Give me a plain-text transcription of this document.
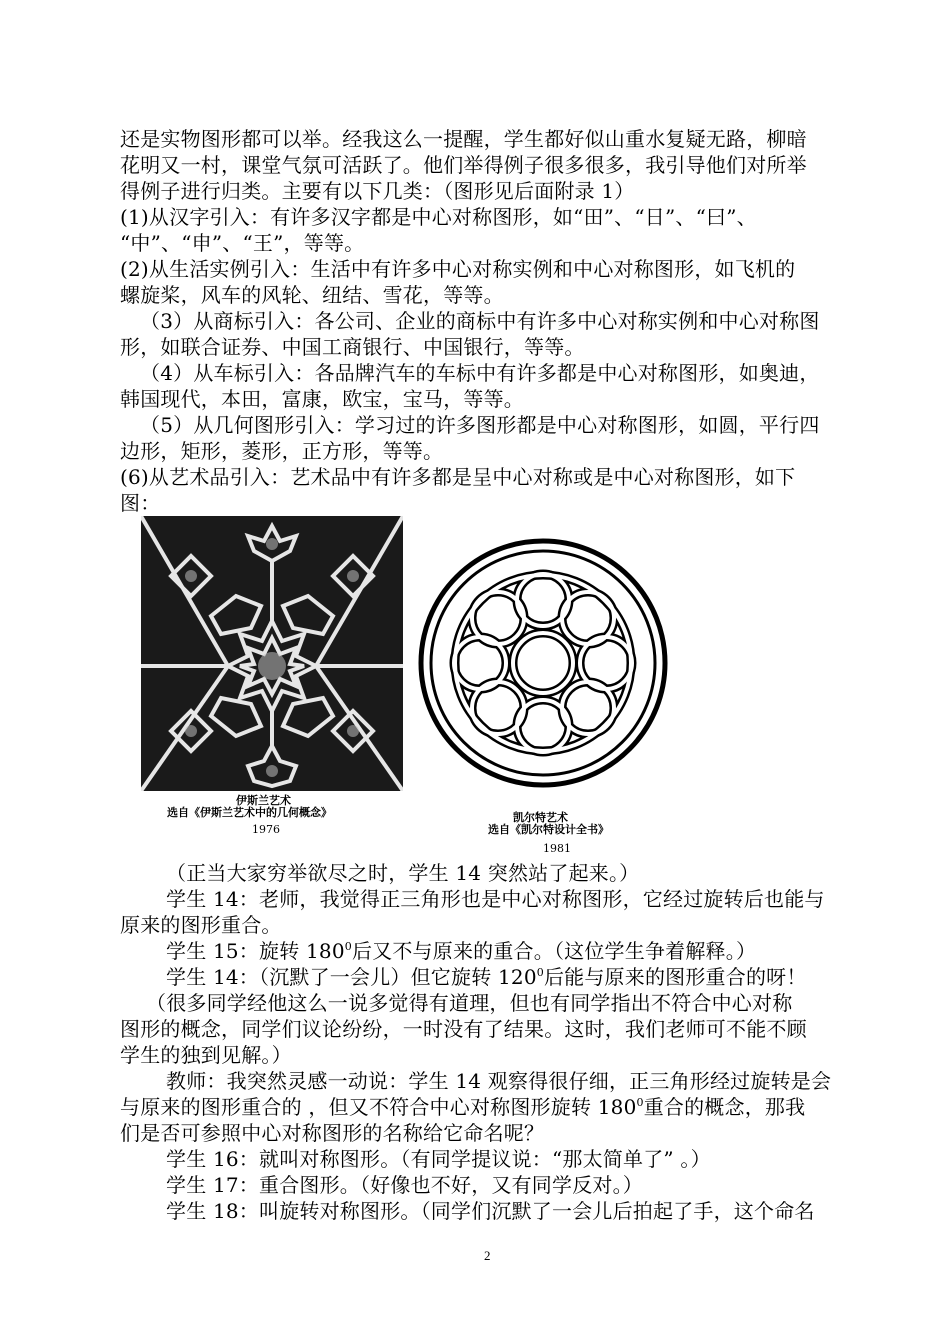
还是实物图形都可以举。经我这么一提醒，学生都好似山重水复疑无路，柳暗
花明又一村，课堂气氛可活跃了。他们举得例子很多很多，我引导他们对所举
得例子进行归类。主要有以下几类：（图形见后面附录 1）
(1)从汉字引入：有许多汉字都是中心对称图形，如“田”、“日”、“曰”、
“中”、“申”、“王”，等等。
(2)从生活实例引入：生活中有许多中心对称实例和中心对称图形，如飞机的
螺旋桨，风车的风轮、纽结、雪花，等等。
（3）从商标引入：各公司、企业的商标中有许多中心对称实例和中心对称图
形，如联合证券、中国工商银行、中国银行，等等。
（4）从车标引入：各品牌汽车的车标中有许多都是中心对称图形，如奥迪，
韩国现代，本田，富康，欧宝，宝马，等等。
（5）从几何图形引入：学习过的许多图形都是中心对称图形，如圆，平行四
边形，矩形，菱形，正方形，等等。
(6)从艺术品引入：艺术品中有许多都是呈中心对称或是中心对称图形，如下
图：
伊斯兰艺术
选自《伊斯兰艺术中的几何概念》
1976
凯尔特艺术
选自《凯尔特设计全书》
1981
（正当大家穷举欲尽之时，学生 14 突然站了起来。）
学生 14：老师，我觉得正三角形也是中心对称图形，它经过旋转后也能与
原来的图形重合。
学生 15：旋转 $180^0$后又不与原来的重合。（这位学生争着解释。）
学生 14：（沉默了一会儿）但它旋转 $120^0$后能与原来的图形重合的呀！
（很多同学经他这么一说多觉得有道理，但也有同学指出不符合中心对称
图形的概念，同学们议论纷纷，一时没有了结果。这时，我们老师可不能不顾
学生的独到见解。）
教师：我突然灵感一动说：学生 14 观察得很仔细，正三角形经过旋转是会
与原来的图形重合的 ，但又不符合中心对称图形旋转 $180^0$重合的概念，那我
们是否可参照中心对称图形的名称给它命名呢？
学生 16：就叫对称图形。（有同学提议说：“那太简单了” 。）
学生 17：重合图形。（好像也不好，又有同学反对。）
学生 18：叫旋转对称图形。（同学们沉默了一会儿后拍起了手，这个命名
2
